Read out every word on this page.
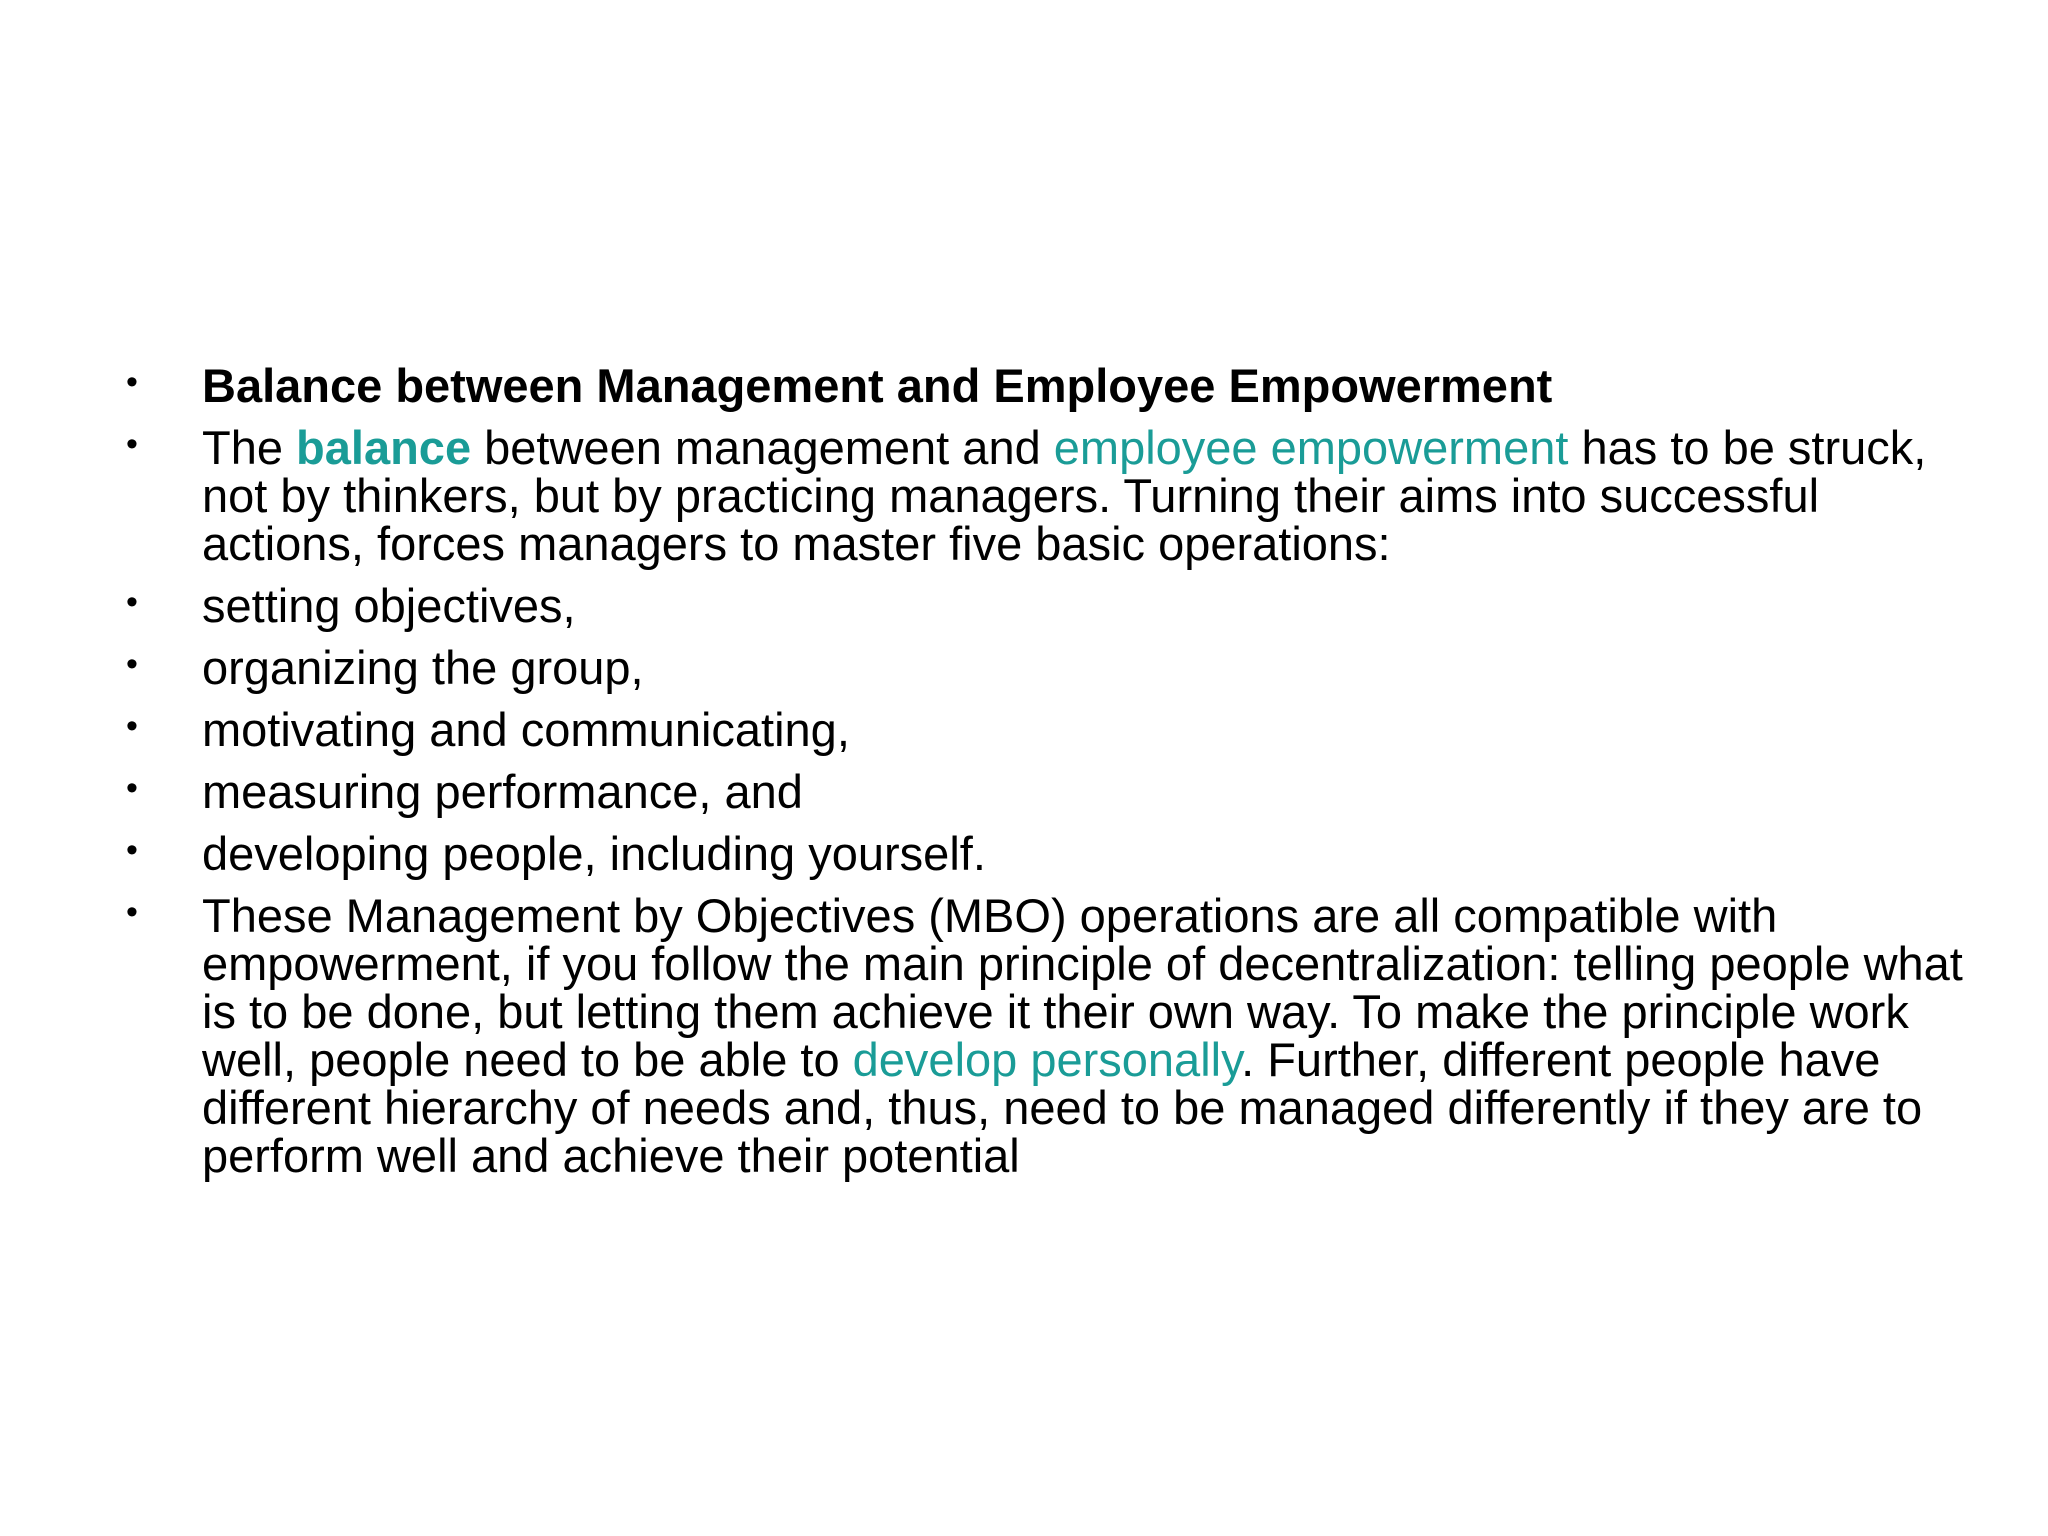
• Balance between Management and Employee Empowerment
• The balance between management and employee empowerment has to be struck, not by thinkers, but by practicing managers. Turning their aims into successful actions, forces managers to master five basic operations:
• setting objectives,
• organizing the group,
• motivating and communicating,
• measuring performance, and
• developing people, including yourself.
• These Management by Objectives (MBO) operations are all compatible with empowerment, if you follow the main principle of decentralization: telling people what is to be done, but letting them achieve it their own way. To make the principle work well, people need to be able to develop personally. Further, different people have different hierarchy of needs and, thus, need to be managed differently if they are to perform well and achieve their potential
